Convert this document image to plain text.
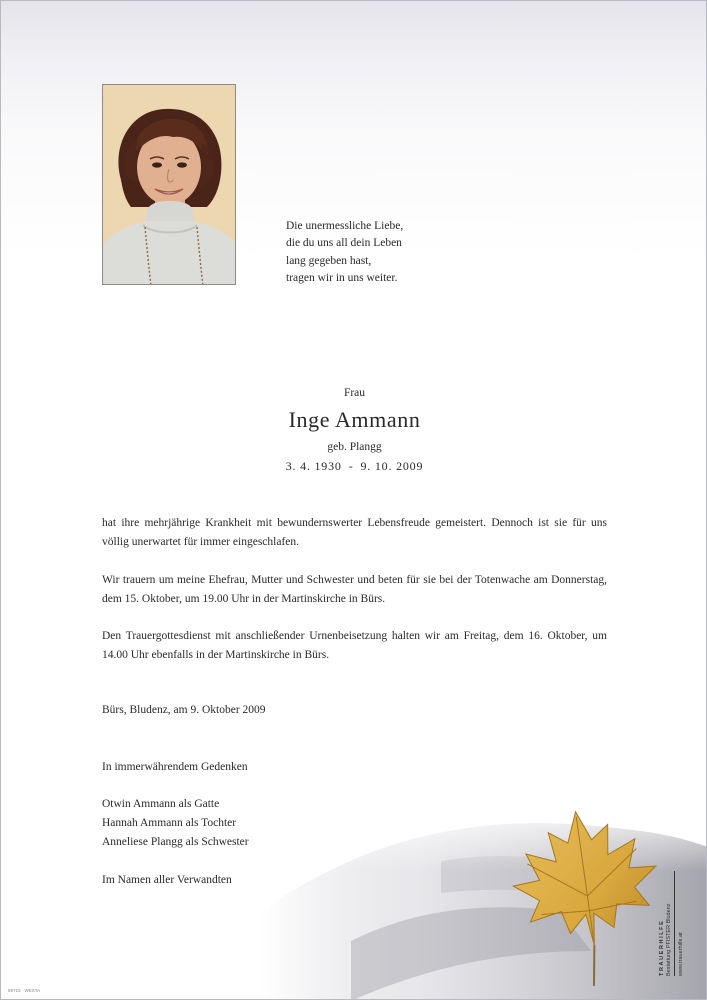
Die unermessliche Liebe,
die du uns all dein Leben
lang gegeben hast,
tragen wir in uns weiter.
Frau
Inge Ammann
geb. Plangg
3. 4. 1930 - 9. 10. 2009
hat ihre mehrjährige Krankheit mit bewundernswerter Lebensfreude gemeistert. Dennoch ist sie für uns völlig unerwartet für immer eingeschlafen.
Wir trauern um meine Ehefrau, Mutter und Schwester und beten für sie bei der Totenwache am Donnerstag, dem 15. Oktober, um 19.00 Uhr in der Martinskirche in Bürs.
Den Trauergottesdienst mit anschließender Urnenbeisetzung halten wir am Freitag, dem 16. Oktober, um 14.00 Uhr ebenfalls in der Martinskirche in Bürs.
Bürs, Bludenz, am 9. Oktober 2009
In immerwährendem Gedenken
Otwin Ammann als Gatte
Hannah Ammann als Tochter
Anneliese Plangg als Schwester
Im Namen aller Verwandten
TRAUERHILFE Bestattung PFISTER Bludenz www.trauerhilfe.at
89715 · WESTA
